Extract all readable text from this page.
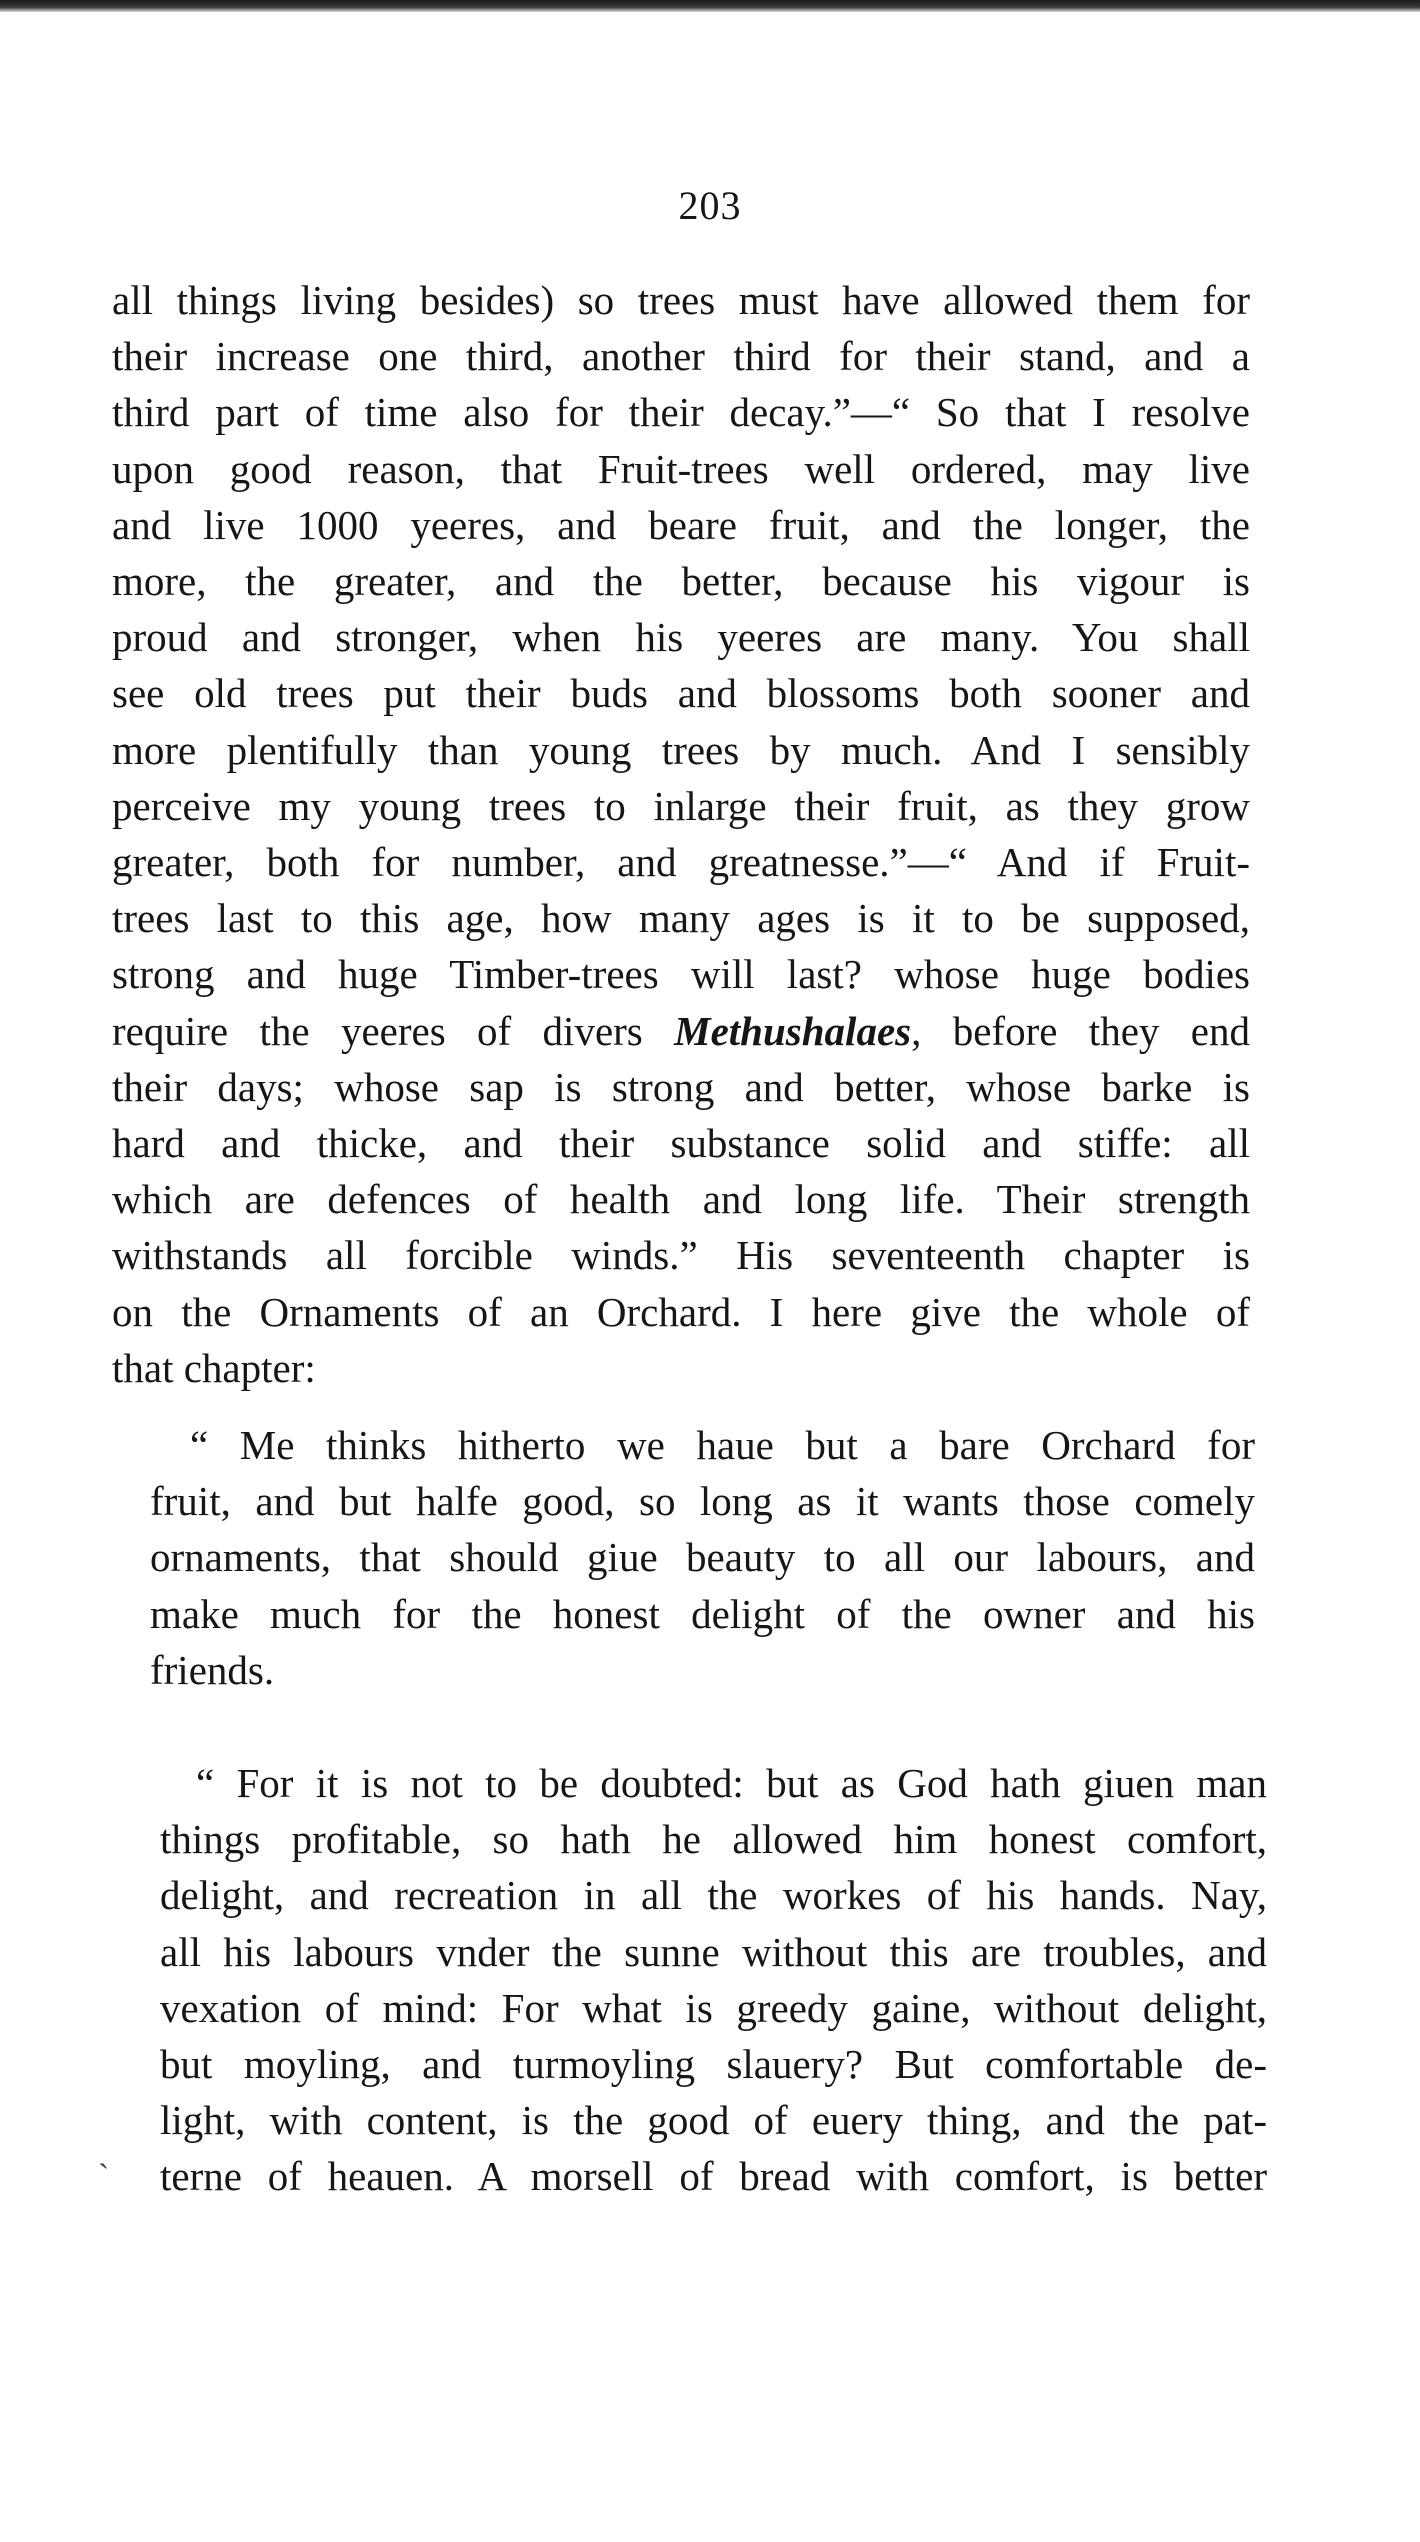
203
all things living besides) so trees must have allowed them for
their increase one third, another third for their stand, and a
third part of time also for their decay.”—“ So that I resolve
upon good reason, that Fruit-trees well ordered, may live
and live 1000 yeeres, and beare fruit, and the longer, the
more, the greater, and the better, because his vigour is
proud and stronger, when his yeeres are many. You shall
see old trees put their buds and blossoms both sooner and
more plentifully than young trees by much. And I sensibly
perceive my young trees to inlarge their fruit, as they grow
greater, both for number, and greatnesse.”—“ And if Fruit-
trees last to this age, how many ages is it to be supposed,
strong and huge Timber-trees will last? whose huge bodies
require the yeeres of divers Methushalaes, before they end
their days; whose sap is strong and better, whose barke is
hard and thicke, and their substance solid and stiffe: all
which are defences of health and long life. Their strength
withstands all forcible winds.” His seventeenth chapter is
on the Ornaments of an Orchard. I here give the whole of
that chapter:
“ Me thinks hitherto we haue but a bare Orchard for
fruit, and but halfe good, so long as it wants those comely
ornaments, that should giue beauty to all our labours, and
make much for the honest delight of the owner and his
friends.
“ For it is not to be doubted: but as God hath giuen man
things profitable, so hath he allowed him honest comfort,
delight, and recreation in all the workes of his hands. Nay,
all his labours vnder the sunne without this are troubles, and
vexation of mind: For what is greedy gaine, without delight,
but moyling, and turmoyling slauery? But comfortable de-
light, with content, is the good of euery thing, and the pat-
terne of heauen. A morsell of bread with comfort, is better
ˏ
